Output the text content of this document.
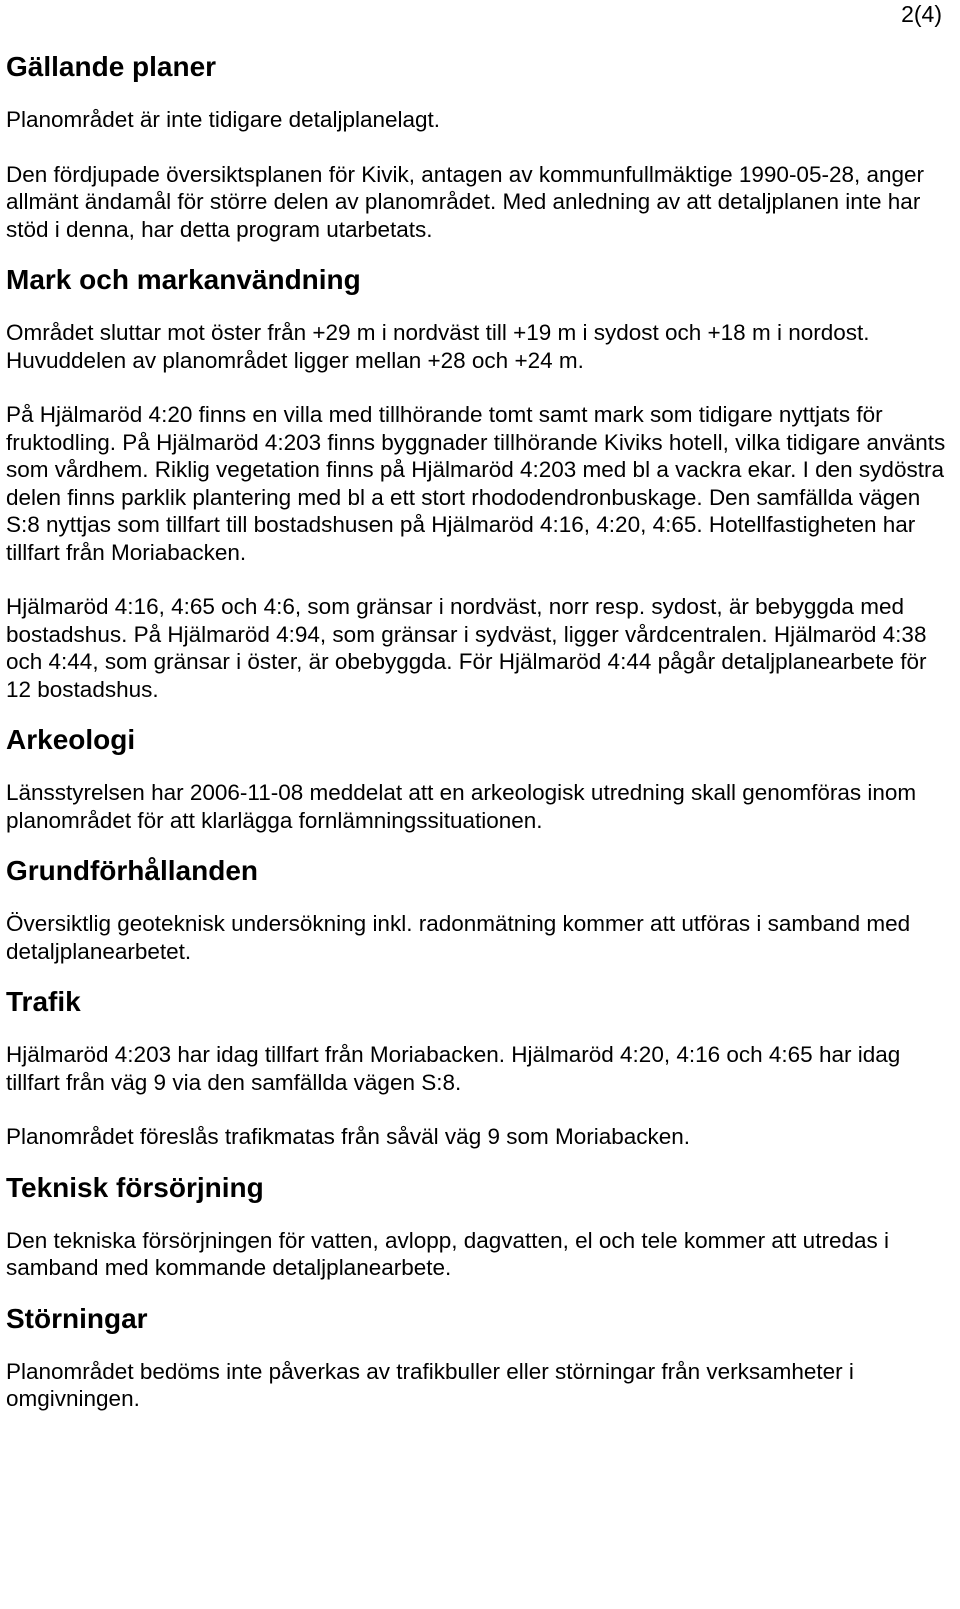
2(4)
Gällande planer

Planområdet är inte tidigare detaljplanelagt.

Den fördjupade översiktsplanen för Kivik, antagen av kommunfullmäktige 1990-05-28, anger allmänt ändamål för större delen av planområdet. Med anledning av att detaljplanen inte har stöd i denna, har detta program utarbetats.

Mark och markanvändning

Området sluttar mot öster från +29 m i nordväst till +19 m i sydost och +18 m i nordost. Huvuddelen av planområdet ligger mellan +28 och +24 m.

På Hjälmaröd 4:20 finns en villa med tillhörande tomt samt mark som tidigare nyttjats för fruktodling. På Hjälmaröd 4:203 finns byggnader tillhörande Kiviks hotell, vilka tidigare använts som vårdhem. Riklig vegetation finns på Hjälmaröd 4:203 med bl a vackra ekar. I den sydöstra delen finns parklik plantering med bl a ett stort rhododendronbuskage. Den samfällda vägen S:8 nyttjas som tillfart till bostadshusen på Hjälmaröd 4:16, 4:20, 4:65. Hotellfastigheten har tillfart från Moriabacken.

Hjälmaröd 4:16, 4:65 och 4:6, som gränsar i nordväst, norr resp. sydost, är bebyggda med bostadshus. På Hjälmaröd 4:94, som gränsar i sydväst, ligger vårdcentralen. Hjälmaröd 4:38 och 4:44, som gränsar i öster, är obebyggda. För Hjälmaröd 4:44 pågår detaljplanearbete för 12 bostadshus.

Arkeologi

Länsstyrelsen har 2006-11-08 meddelat att en arkeologisk utredning skall genomföras inom planområdet för att klarlägga fornlämningssituationen.

Grundförhållanden

Översiktlig geoteknisk undersökning inkl. radonmätning kommer att utföras i samband med detaljplanearbetet.

Trafik

Hjälmaröd 4:203 har idag tillfart från Moriabacken. Hjälmaröd 4:20, 4:16 och 4:65 har idag tillfart från väg 9 via den samfällda vägen S:8.

Planområdet föreslås trafikmatas från såväl väg 9 som Moriabacken.

Teknisk försörjning

Den tekniska försörjningen för vatten, avlopp, dagvatten, el och tele kommer att utredas i samband med kommande detaljplanearbete.

Störningar

Planområdet bedöms inte påverkas av trafikbuller eller störningar från verksamheter i omgivningen.
